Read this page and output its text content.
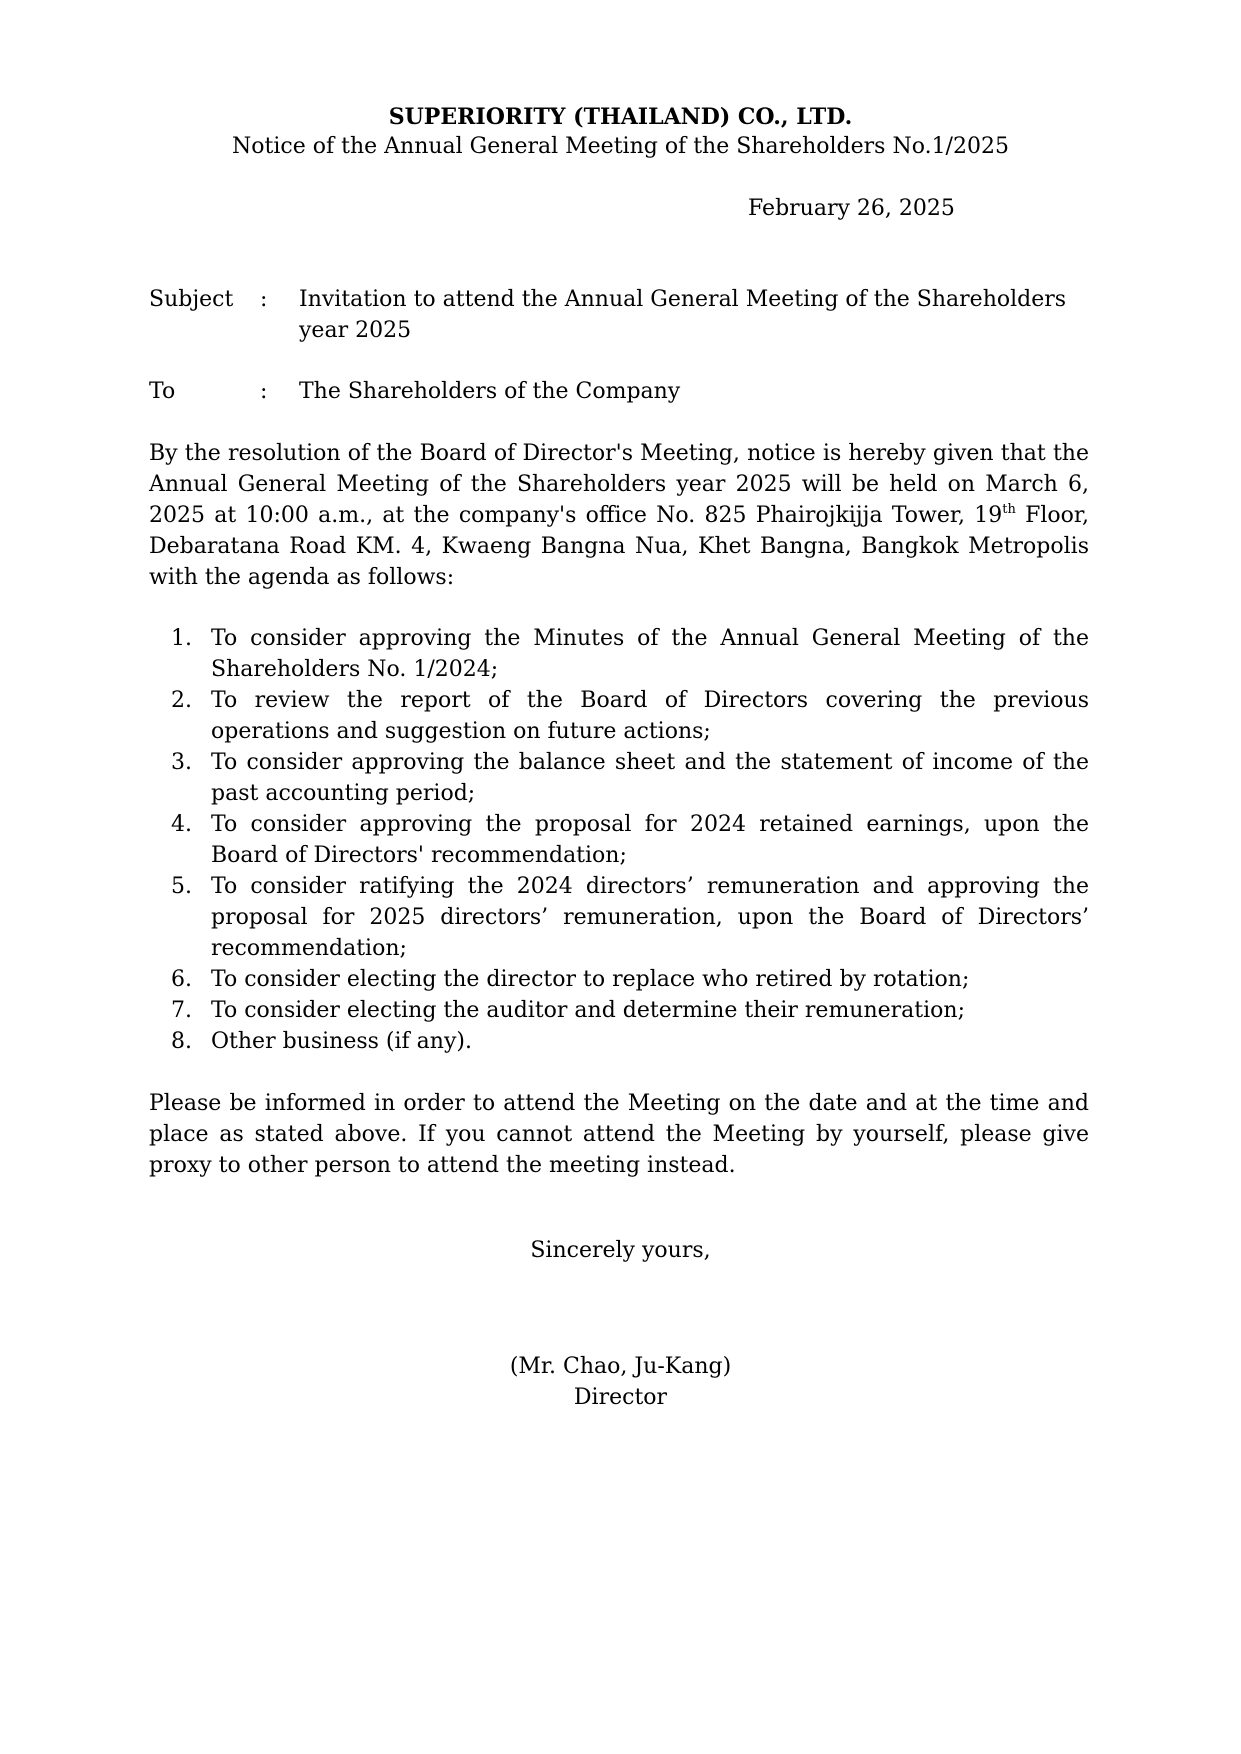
SUPERIORITY (THAILAND) CO., LTD.
Notice of the Annual General Meeting of the Shareholders No.1/2025
February 26, 2025
Subject : Invitation to attend the Annual General Meeting of the Shareholders year 2025
To	: The Shareholders of the Company

By the resolution of the Board of Director's Meeting, notice is hereby given that the Annual General Meeting of the Shareholders year 2025 will be held on March 6, 2025 at 10:00 a.m., at the company's office No. 825 Phairojkijja Tower, 19th Floor, Debaratana Road KM. 4, Kwaeng Bangna Nua, Khet Bangna, Bangkok Metropolis with the agenda as follows:

1. To consider approving the Minutes of the Annual General Meeting of the Shareholders No. 1/2024;
2. To review the report of the Board of Directors covering the previous operations and suggestion on future actions;
3. To consider approving the balance sheet and the statement of income of the past accounting period;
4. To consider approving the proposal for 2024 retained earnings, upon the Board of Directors' recommendation;
5. To consider ratifying the 2024 directors’ remuneration and approving the proposal for 2025 directors’ remuneration, upon the Board of Directors’ recommendation;
6. To consider electing the director to replace who retired by rotation;
7. To consider electing the auditor and determine their remuneration;
8. Other business (if any).

Please be informed in order to attend the Meeting on the date and at the time and place as stated above. If you cannot attend the Meeting by yourself, please give proxy to other person to attend the meeting instead.

Sincerely yours,
(Mr. Chao, Ju-Kang)
Director
